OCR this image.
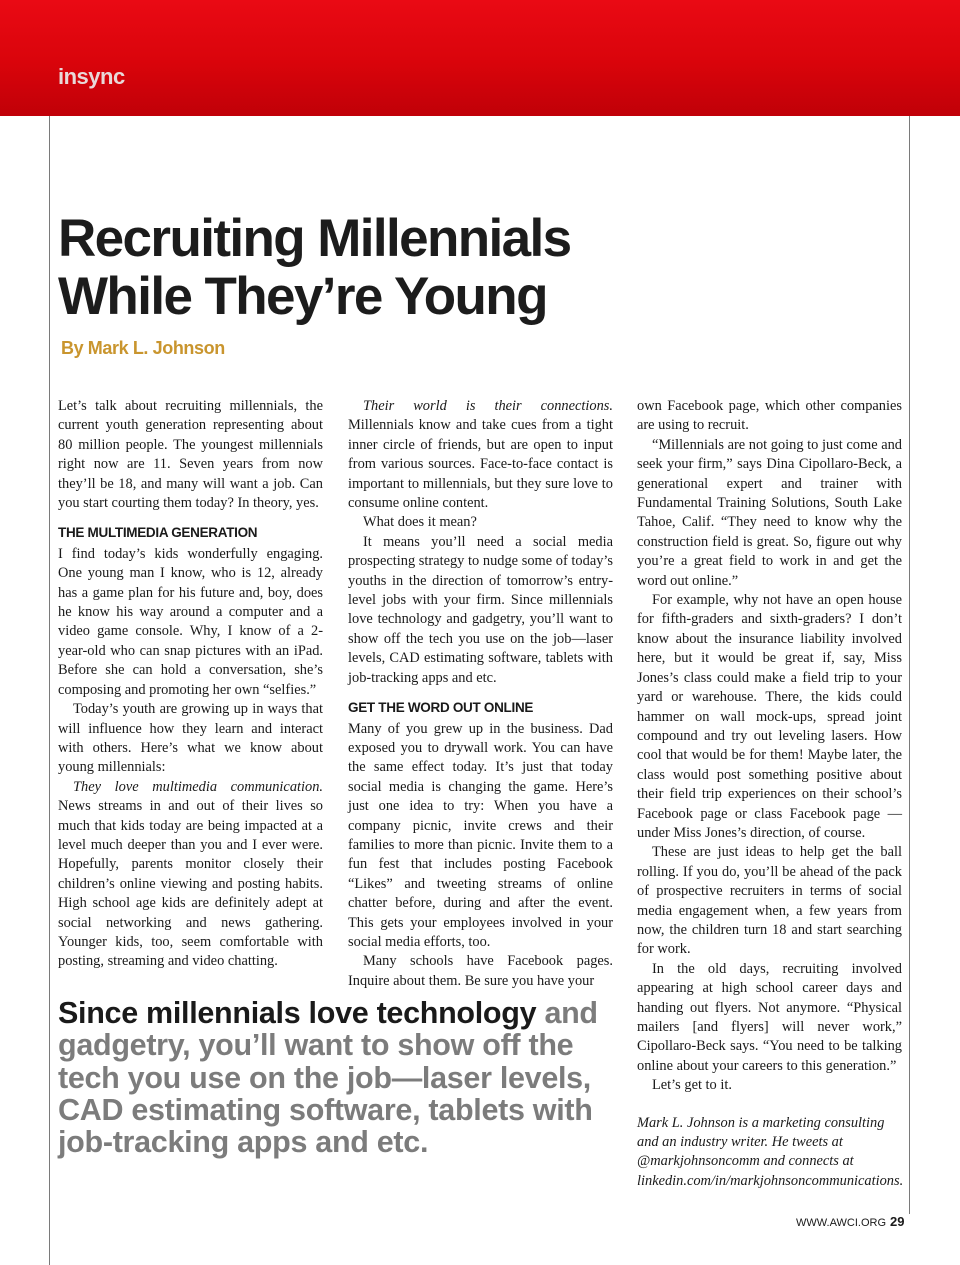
insync
Recruiting Millennials While They’re Young
By Mark L. Johnson

Let’s talk about recruiting millennials, the current youth generation representing about 80 million people. The youngest millennials right now are 11. Seven years from now they’ll be 18, and many will want a job. Can you start courting them today? In theory, yes.

THE MULTIMEDIA GENERATION

I find today’s kids wonderfully engaging. One young man I know, who is 12, already has a game plan for his future and, boy, does he know his way around a computer and a video game console. Why, I know of a 2-year-old who can snap pictures with an iPad. Before she can hold a conversation, she’s composing and promoting her own “selfies.”

Today’s youth are growing up in ways that will influence how they learn and interact with others. Here’s what we know about young millennials:

They love multimedia communication. News streams in and out of their lives so much that kids today are being impacted at a level much deeper than you and I ever were. Hopefully, parents monitor closely their children’s online viewing and posting habits. High school age kids are definitely adept at social networking and news gathering. Younger kids, too, seem comfortable with posting, streaming and video chatting.

Their world is their connections. Millennials know and take cues from a tight inner circle of friends, but are open to input from various sources. Face-to-face contact is important to millennials, but they sure love to consume online content.

What does it mean?

It means you’ll need a social media prospecting strategy to nudge some of today’s youths in the direction of tomorrow’s entry-level jobs with your firm. Since millennials love technology and gadgetry, you’ll want to show off the tech you use on the job—laser levels, CAD estimating software, tablets with job-tracking apps and etc.

GET THE WORD OUT ONLINE

Many of you grew up in the business. Dad exposed you to drywall work. You can have the same effect today. It’s just that today social media is changing the game. Here’s just one idea to try: When you have a company picnic, invite crews and their families to more than picnic. Invite them to a fun fest that includes posting Facebook “Likes” and tweeting streams of online chatter before, during and after the event. This gets your employees involved in your social media efforts, too.

Many schools have Facebook pages. Inquire about them. Be sure you have your

own Facebook page, which other companies are using to recruit.

“Millennials are not going to just come and seek your firm,” says Dina Cipollaro-Beck, a generational expert and trainer with Fundamental Training Solutions, South Lake Tahoe, Calif. “They need to know why the construction field is great. So, figure out why you’re a great field to work in and get the word out online.”

For example, why not have an open house for fifth-graders and sixth-graders? I don’t know about the insurance liability involved here, but it would be great if, say, Miss Jones’s class could make a field trip to your yard or warehouse. There, the kids could hammer on wall mock-ups, spread joint compound and try out leveling lasers. How cool that would be for them! Maybe later, the class would post something positive about their field trip experiences on their school’s Facebook page or class Facebook page — under Miss Jones’s direction, of course.

These are just ideas to help get the ball rolling. If you do, you’ll be ahead of the pack of prospective recruiters in terms of social media engagement when, a few years from now, the children turn 18 and start searching for work.

In the old days, recruiting involved appearing at high school career days and handing out flyers. Not anymore. “Physical mailers [and flyers] will never work,” Cipollaro-Beck says. “You need to be talking online about your careers to this generation.”

Let’s get to it.

Mark L. Johnson is a marketing consulting and an industry writer. He tweets at @markjohnsoncomm and connects at linkedin.com/in/markjohnsoncommunications.

Since millennials love technology and gadgetry, you’ll want to show off the tech you use on the job—laser levels, CAD estimating software, tablets with job-tracking apps and etc.
WWW.AWCI.ORG 29
